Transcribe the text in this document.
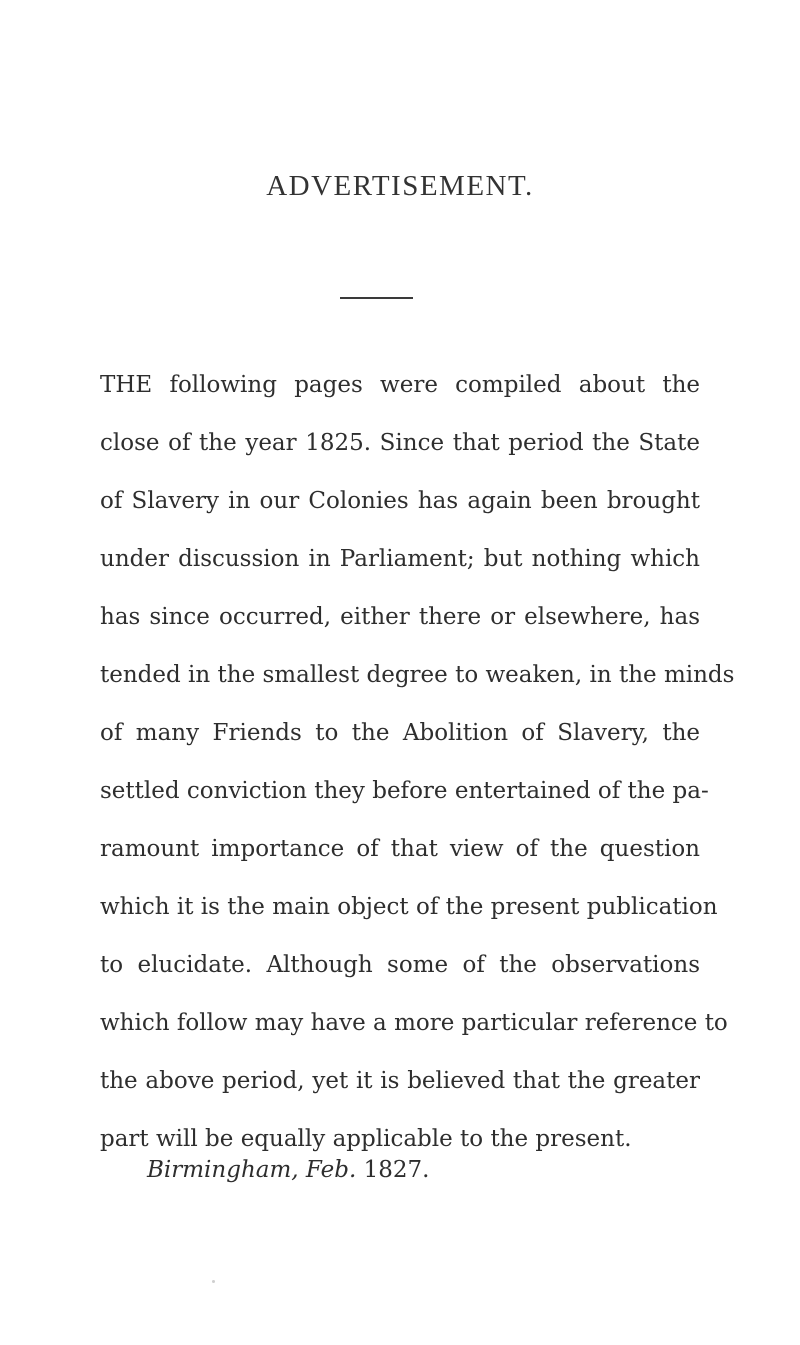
ADVERTISEMENT.
THE following pages were compiled about the
close of the year 1825. Since that period the State
of Slavery in our Colonies has again been brought
under discussion in Parliament; but nothing which
has since occurred, either there or elsewhere, has
tended in the smallest degree to weaken, in the minds
of many Friends to the Abolition of Slavery, the
settled conviction they before entertained of the pa-
ramount importance of that view of the question
which it is the main object of the present publication
to elucidate. Although some of the observations
which follow may have a more particular reference to
the above period, yet it is believed that the greater
part will be equally applicable to the present.
Birmingham, Feb. 1827.
